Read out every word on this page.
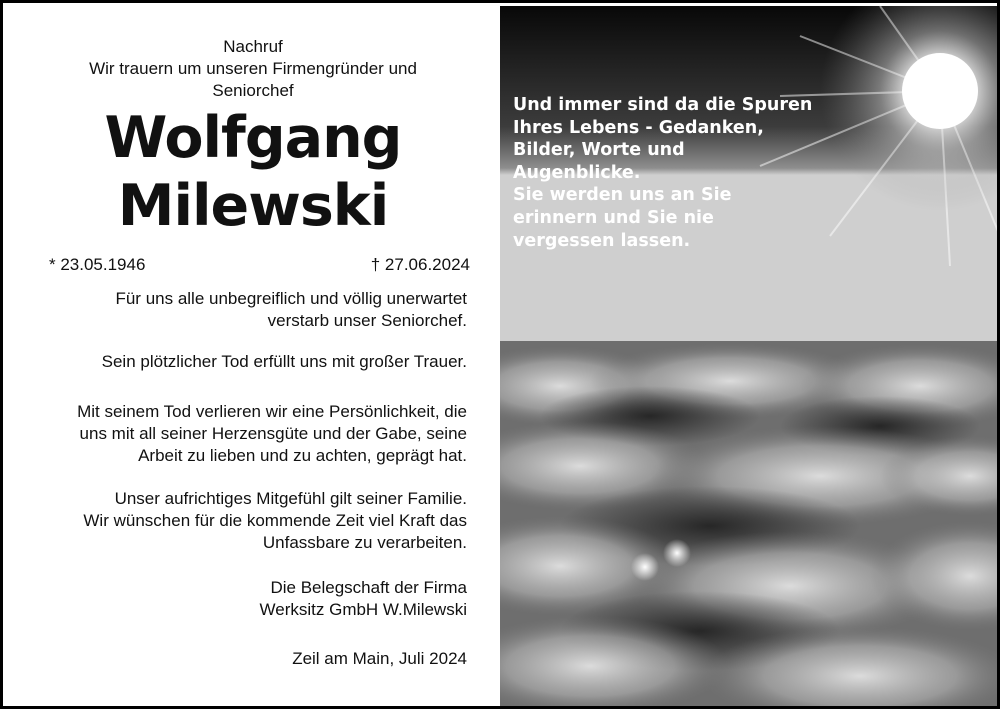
Nachruf
Wir trauern um unseren Firmengründer und
Seniorchef
Wolfgang
Milewski
* 23.05.1946	† 27.06.2024
Für uns alle unbegreiflich und völlig unerwartet
verstarb unser Seniorchef.
Sein plötzlicher Tod erfüllt uns mit großer Trauer.
Mit seinem Tod verlieren wir eine Persönlichkeit, die
uns mit all seiner Herzensgüte und der Gabe, seine
Arbeit zu lieben und zu achten, geprägt hat.
Unser aufrichtiges Mitgefühl gilt seiner Familie.
Wir wünschen für die kommende Zeit viel Kraft das
Unfassbare zu verarbeiten.
Die Belegschaft der Firma
Werksitz GmbH W.Milewski
Zeil am Main, Juli 2024
Und immer sind da die Spuren
Ihres Lebens - Gedanken,
Bilder, Worte und
Augenblicke.
Sie werden uns an Sie
erinnern und Sie nie
vergessen lassen.
